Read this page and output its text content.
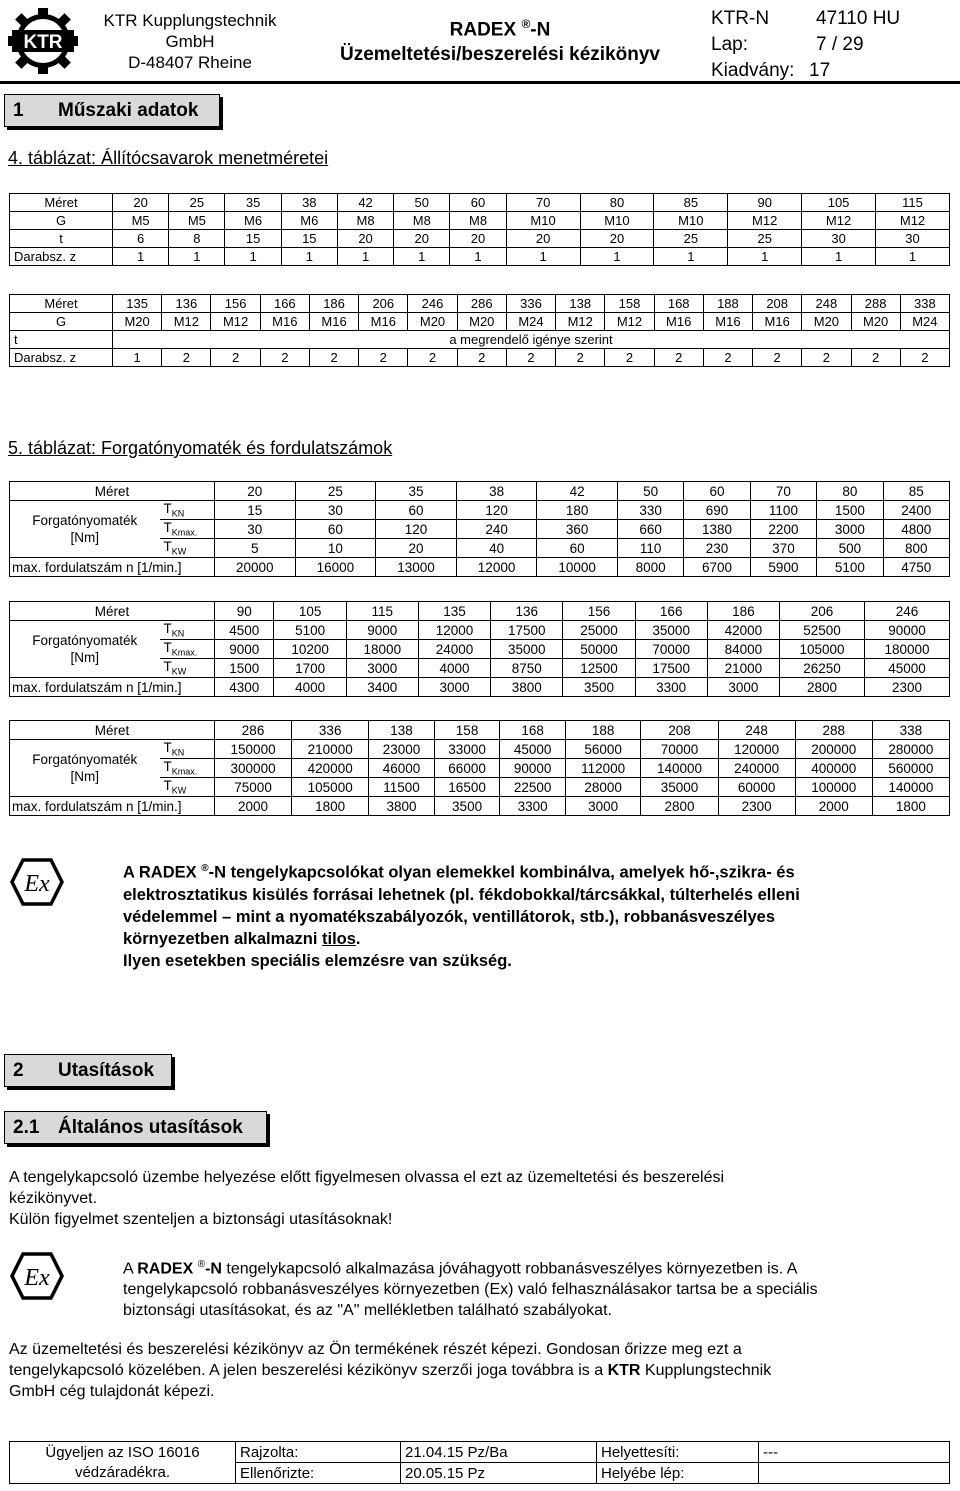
KTR
KTR Kupplungstechnik
GmbH
D-48407 Rheine
RADEX ®-N
Üzemeltetési/beszerelési kézikönyv
KTR-N	47110 HU
Lap:	7 / 29
Kiadvány: 17
1 Műszaki adatok
4. táblázat: Állítócsavarok menetméretei
Méret	20	25	35	38	42	50	60	70	80	85	90	105	115
G	M5	M5	M6	M6	M8	M8	M8	M10	M10	M10	M12	M12	M12
t	6	8	15	15	20	20	20	20	20	25	25	30	30
Darabsz. z	1	1	1	1	1	1	1	1	1	1	1	1	1
Méret	135	136	156	166	186	206	246	286	336	138	158	168	188	208	248	288	338
G	M20	M12	M12	M16	M16	M16	M20	M20	M24	M12	M12	M16	M16	M16	M20	M20	M24
t	a megrendelő igénye szerint																
Darabsz. z	1	2	2	2	2	2	2	2	2	2	2	2	2	2	2	2	2
5. táblázat: Forgatónyomaték és fordulatszámok
Méret		20	25	35	38	42	50	60	70	80	85

Forgatónyomaték
[Nm]	$T_{KN}$	15	30	60	120	180	330	690	1100	1500	2400
	$T_{Kmax.}$	30	60	120	240	360	660	1380	2200	3000	4800
	$T_{KW}$	5	10	20	40	60	110	230	370	500	800
max. fordulatszám n [1/min.]		20000	16000	13000	12000	10000	8000	6700	5900	5100	4750
Méret		90	105	115	135	136	156	166	186	206	246

Forgatónyomaték
[Nm]	$T_{KN}$	4500	5100	9000	12000	17500	25000	35000	42000	52500	90000
	$T_{Kmax.}$	9000	10200	18000	24000	35000	50000	70000	84000	105000	180000
	$T_{KW}$	1500	1700	3000	4000	8750	12500	17500	21000	26250	45000
max. fordulatszám n [1/min.]		4300	4000	3400	3000	3800	3500	3300	3000	2800	2300
Méret		286	336	138	158	168	188	208	248	288	338

Forgatónyomaték
[Nm]	$T_{KN}$	150000	210000	23000	33000	45000	56000	70000	120000	200000	280000
	$T_{Kmax.}$	300000	420000	46000	66000	90000	112000	140000	240000	400000	560000
	$T_{KW}$	75000	105000	11500	16500	22500	28000	35000	60000	100000	140000
max. fordulatszám n [1/min.]		2000	1800	3800	3500	3300	3000	2800	2300	2000	1800
Ex	A RADEX ®-N tengelykapcsolókat olyan elemekkel kombinálva, amelyek hő-,szikra- és
elektrosztatikus kisülés forrásai lehetnek (pl. fékdobokkal/tárcsákkal, túlterhelés elleni
védelemmel – mint a nyomatékszabályozók, ventillátorok, stb.), robbanásveszélyes
környezetben alkalmazni tilos.
Ilyen esetekben speciális elemzésre van szükség.
2 Utasítások
2.1 Általános utasítások
A tengelykapcsoló üzembe helyezése előtt figyelmesen olvassa el ezt az üzemeltetési és beszerelési
kézikönyvet.
Külön figyelmet szenteljen a biztonsági utasításoknak!
Ex	A RADEX ®-N tengelykapcsoló alkalmazása jóváhagyott robbanásveszélyes környezetben is. A
tengelykapcsoló robbanásveszélyes környezetben (Ex) való felhasználásakor tartsa be a speciális
biztonsági utasításokat, és az "A" mellékletben található szabályokat.
Az üzemeltetési és beszerelési kézikönyv az Ön termékének részét képezi. Gondosan őrizze meg ezt a
tengelykapcsoló közelében. A jelen beszerelési kézikönyv szerzői joga továbbra is a KTR Kupplungstechnik
GmbH cég tulajdonát képezi.
Ügyeljen az ISO 16016
védzáradékra.	Rajzolta:	21.04.15 Pz/Ba	Helyettesíti:	---
	Ellenőrizte:	20.05.15 Pz	Helyébe lép:	
